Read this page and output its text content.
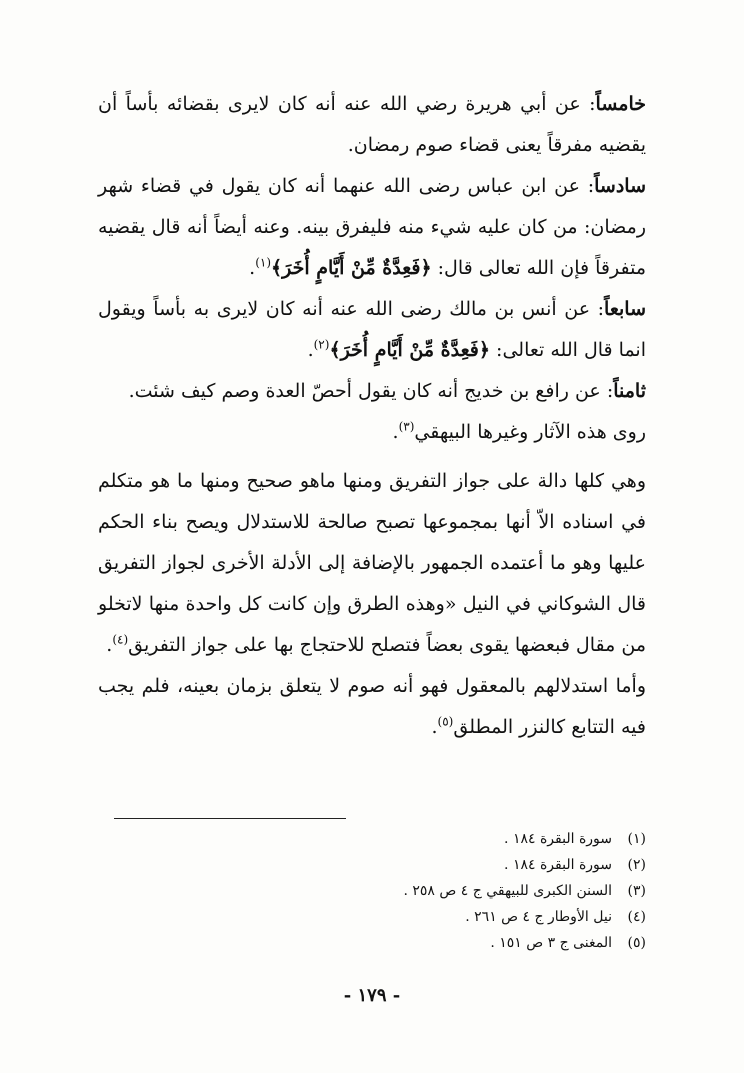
خامساً: عن أبي هريرة رضي الله عنه أنه كان لايرى بقضائه بأساً أن يقضيه مفرقاً يعنى قضاء صوم رمضان.

سادساً: عن ابن عباس رضى الله عنهما أنه كان يقول في قضاء شهر رمضان: من كان عليه شيء منه فليفرق بينه. وعنه أيضاً أنه قال يقضيه متفرقاً فإن الله تعالى قال: ﴿فَعِدَّةٌ مِّنْ أَيَّامٍ أُخَرَ﴾$^{(١)}$.

سابعاً: عن أنس بن مالك رضى الله عنه أنه كان لايرى به بأساً ويقول انما قال الله تعالى: ﴿فَعِدَّةٌ مِّنْ أَيَّامٍ أُخَرَ﴾$^{(٢)}$.

ثامناً: عن رافع بن خديج أنه كان يقول أحصّ العدة وصم كيف شئت.

روى هذه الآثار وغيرها البيهقي$^{(٣)}$.

وهي كلها دالة على جواز التفريق ومنها ماهو صحيح ومنها ما هو متكلم في اسناده الاّ أنها بمجموعها تصبح صالحة للاستدلال ويصح بناء الحكم عليها وهو ما أعتمده الجمهور بالإضافة إلى الأدلة الأخرى لجواز التفريق قال الشوكاني في النيل «وهذه الطرق وإن كانت كل واحدة منها لاتخلو من مقال فبعضها يقوى بعضاً فتصلح للاحتجاج بها على جواز التفريق$^{(٤)}$.

وأما استدلالهم بالمعقول فهو أنه صوم لا يتعلق بزمان بعينه، فلم يجب فيه التتابع كالنزر المطلق$^{(٥)}$.

(١)
سورة البقرة ١٨٤ .
(٢)
سورة البقرة ١٨٤ .
(٣)
السنن الكبرى للبيهقي ج ٤ ص ٢٥٨ .
(٤)
نيل الأوطار ج ٤ ص ٢٦١ .
(٥)
المغنى ج ٣ ص ١٥١ .
- ١٧٩ -
